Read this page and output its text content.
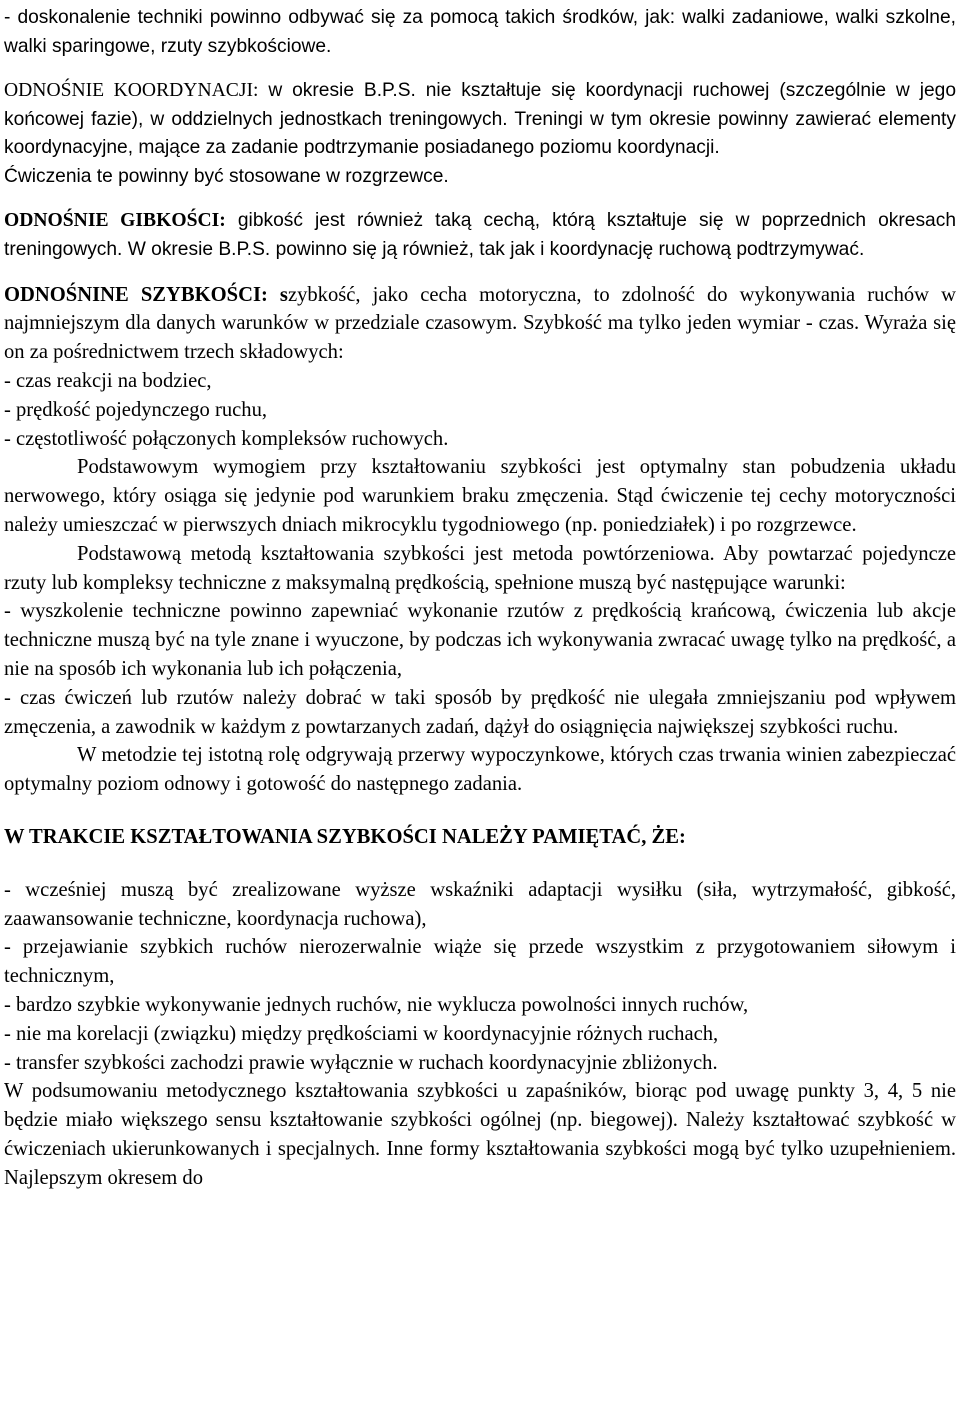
- doskonalenie techniki powinno odbywać się za pomocą takich środków, jak: walki zadaniowe, walki szkolne, walki sparingowe, rzuty szybkościowe.

ODNOŚNIE KOORDYNACJI: w okresie B.P.S. nie kształtuje się koordynacji ruchowej (szczególnie w jego końcowej fazie), w oddzielnych jednostkach treningowych. Treningi w tym okresie powinny zawierać elementy koordynacyjne, mające za zadanie podtrzymanie posiadanego poziomu koordynacji.

Ćwiczenia te powinny być stosowane w rozgrzewce.

ODNOŚNIE GIBKOŚCI: gibkość jest również taką cechą, którą kształtuje się w poprzednich okresach treningowych. W okresie B.P.S. powinno się ją również, tak jak i koordynację ruchową podtrzymywać.

ODNOŚNINE SZYBKOŚCI: szybkość, jako cecha motoryczna, to zdolność do wykonywania ruchów w najmniejszym dla danych warunków w przedziale czasowym. Szybkość ma tylko jeden wymiar - czas. Wyraża się on za pośrednictwem trzech składowych:

- czas reakcji na bodziec,

- prędkość pojedynczego ruchu,

- częstotliwość połączonych kompleksów ruchowych.

Podstawowym wymogiem przy kształtowaniu szybkości jest optymalny stan pobudzenia układu nerwowego, który osiąga się jedynie pod warunkiem braku zmęczenia. Stąd ćwiczenie tej cechy motoryczności należy umieszczać w pierwszych dniach mikrocyklu tygodniowego (np. poniedziałek) i po rozgrzewce.

Podstawową metodą kształtowania szybkości jest metoda powtórzeniowa. Aby powtarzać pojedyncze rzuty lub kompleksy techniczne z maksymalną prędkością, spełnione muszą być następujące warunki:

- wyszkolenie techniczne powinno zapewniać wykonanie rzutów z prędkością krańcową, ćwiczenia lub akcje techniczne muszą być na tyle znane i wyuczone, by podczas ich wykonywania zwracać uwagę tylko na prędkość, a nie na sposób ich wykonania lub ich połączenia,

- czas ćwiczeń lub rzutów należy dobrać w taki sposób by prędkość nie ulegała zmniejszaniu pod wpływem zmęczenia, a zawodnik w każdym z powtarzanych zadań, dążył do osiągnięcia największej szybkości ruchu.

W metodzie tej istotną rolę odgrywają przerwy wypoczynkowe, których czas trwania winien zabezpieczać optymalny poziom odnowy i gotowość do następnego zadania.

W TRAKCIE KSZTAŁTOWANIA SZYBKOŚCI NALEŻY PAMIĘTAĆ, ŻE:

- wcześniej muszą być zrealizowane wyższe wskaźniki adaptacji wysiłku (siła, wytrzymałość, gibkość, zaawansowanie techniczne, koordynacja ruchowa),

- przejawianie szybkich ruchów nierozerwalnie wiąże się przede wszystkim z przygotowaniem siłowym i technicznym,

- bardzo szybkie wykonywanie jednych ruchów, nie wyklucza powolności innych ruchów,

- nie ma korelacji (związku) między prędkościami w koordynacyjnie różnych ruchach,

- transfer szybkości zachodzi prawie wyłącznie w ruchach koordynacyjnie zbliżonych.

W podsumowaniu metodycznego kształtowania szybkości u zapaśników, biorąc pod uwagę punkty 3, 4, 5 nie będzie miało większego sensu kształtowanie szybkości ogólnej (np. biegowej). Należy kształtować szybkość w ćwiczeniach ukierunkowanych i specjalnych. Inne formy kształtowania szybkości mogą być tylko uzupełnieniem. Najlepszym okresem do
